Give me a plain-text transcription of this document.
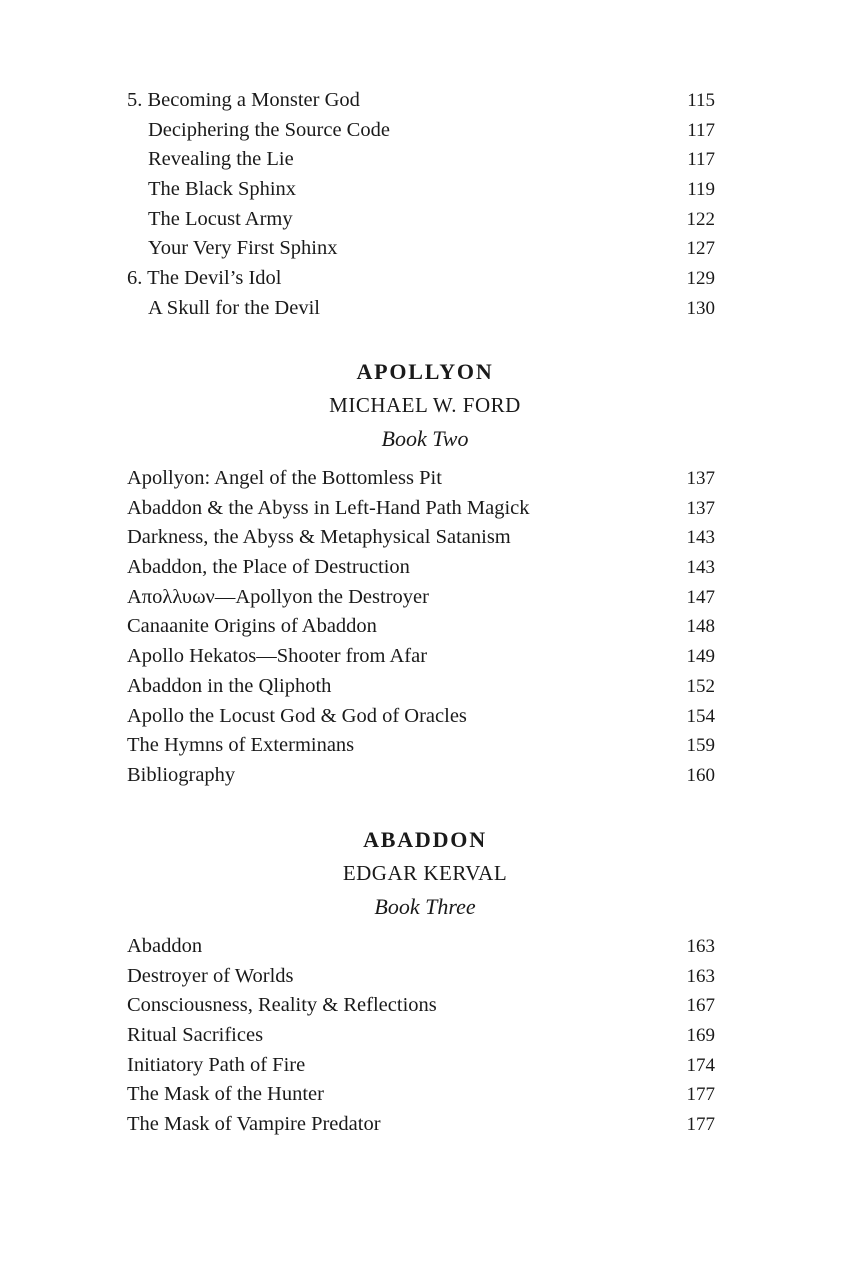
5. Becoming a Monster God	115
Deciphering the Source Code	117
Revealing the Lie	117
The Black Sphinx	119
The Locust Army	122
Your Very First Sphinx	127
6. The Devil’s Idol	129
A Skull for the Devil	130
APOLLYON
MICHAEL W. FORD
Book Two
Apollyon: Angel of the Bottomless Pit	137
Abaddon & the Abyss in Left-Hand Path Magick	137
Darkness, the Abyss & Metaphysical Satanism	143
Abaddon, the Place of Destruction	143
Απολλυων—Apollyon the Destroyer	147
Canaanite Origins of Abaddon	148
Apollo Hekatos—Shooter from Afar	149
Abaddon in the Qliphoth	152
Apollo the Locust God & God of Oracles	154
The Hymns of Exterminans	159
Bibliography	160
ABADDON
EDGAR KERVAL
Book Three
Abaddon	163
Destroyer of Worlds	163
Consciousness, Reality & Reflections	167
Ritual Sacrifices	169
Initiatory Path of Fire	174
The Mask of the Hunter	177
The Mask of Vampire Predator	177
